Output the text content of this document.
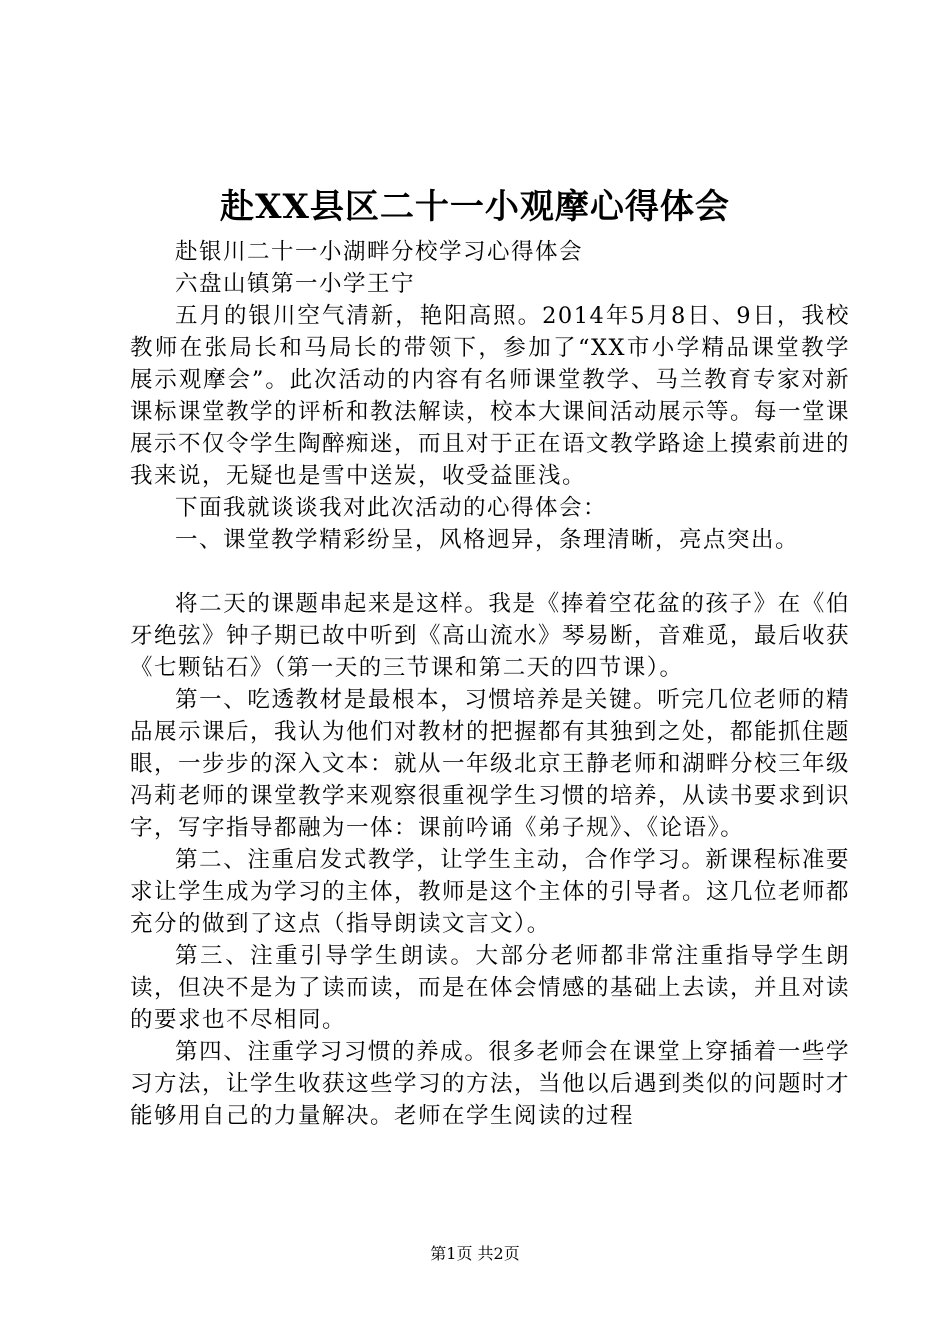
赴XX县区二十一小观摩心得体会

赴银川二十一小湖畔分校学习心得体会

六盘山镇第一小学王宁

五月的银川空气清新，艳阳高照。2014年5月8日、9日，我校教师在张局长和马局长的带领下，参加了“XX市小学精品课堂教学展示观摩会”。此次活动的内容有名师课堂教学、马兰教育专家对新课标课堂教学的评析和教法解读，校本大课间活动展示等。每一堂课展示不仅令学生陶醉痴迷，而且对于正在语文教学路途上摸索前进的我来说，无疑也是雪中送炭，收受益匪浅。

下面我就谈谈我对此次活动的心得体会：

一、课堂教学精彩纷呈，风格迥异，条理清晰，亮点突出。

将二天的课题串起来是这样。我是《捧着空花盆的孩子》在《伯牙绝弦》钟子期已故中听到《高山流水》琴易断，音难觅，最后收获《七颗钻石》（第一天的三节课和第二天的四节课）。

第一、吃透教材是最根本，习惯培养是关键。听完几位老师的精品展示课后，我认为他们对教材的把握都有其独到之处，都能抓住题眼，一步步的深入文本：就从一年级北京王静老师和湖畔分校三年级冯莉老师的课堂教学来观察很重视学生习惯的培养，从读书要求到识字，写字指导都融为一体：课前吟诵《弟子规》、《论语》。

第二、注重启发式教学，让学生主动，合作学习。新课程标准要求让学生成为学习的主体，教师是这个主体的引导者。这几位老师都充分的做到了这点（指导朗读文言文）。

第三、注重引导学生朗读。大部分老师都非常注重指导学生朗读，但决不是为了读而读，而是在体会情感的基础上去读，并且对读的要求也不尽相同。

第四、注重学习习惯的养成。很多老师会在课堂上穿插着一些学习方法，让学生收获这些学习的方法，当他以后遇到类似的问题时才能够用自己的力量解决。老师在学生阅读的过程

第1页 共2页
